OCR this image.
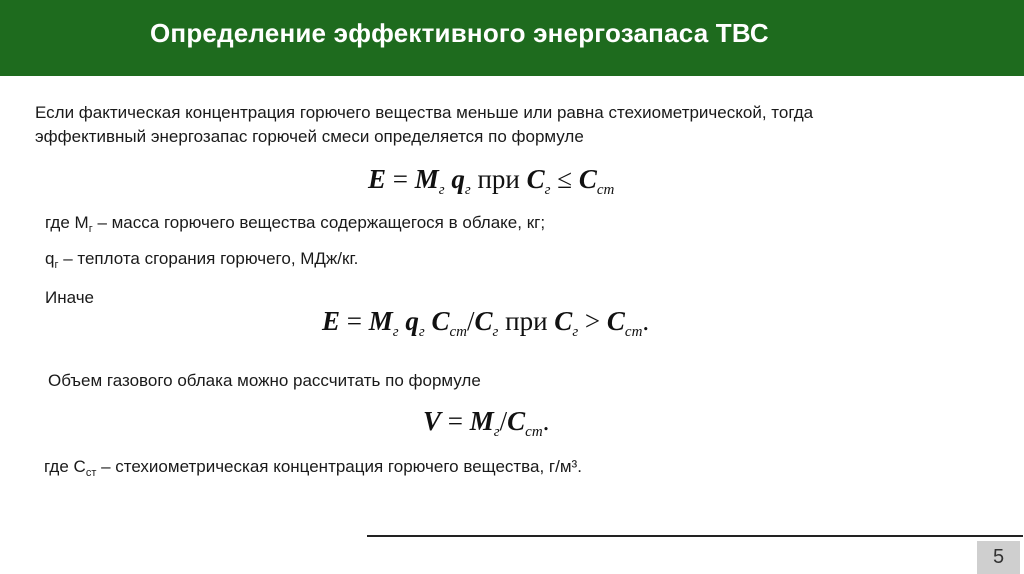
Определение эффективного энергозапаса ТВС
Если фактическая концентрация горючего вещества меньше или равна стехиометрической, тогда
эффективный энергозапас горючей смеси определяется по формуле
$E = M_г$ $q_г$ при $C_г \le C_{ст}$
где $M_г$ – масса горючего вещества содержащегося в облаке, кг;
$q_г$ – теплота сгорания горючего, МДж/кг.
Иначе
$E = M_г$ $q_г$ $C_{ст}/C_г$ при $C_г > C_{ст}$.
Объем газового облака можно рассчитать по формуле
$V = M_г/C_{ст}$.
где $C_{ст}$ – стехиометрическая концентрация горючего вещества, г/м³.
5
